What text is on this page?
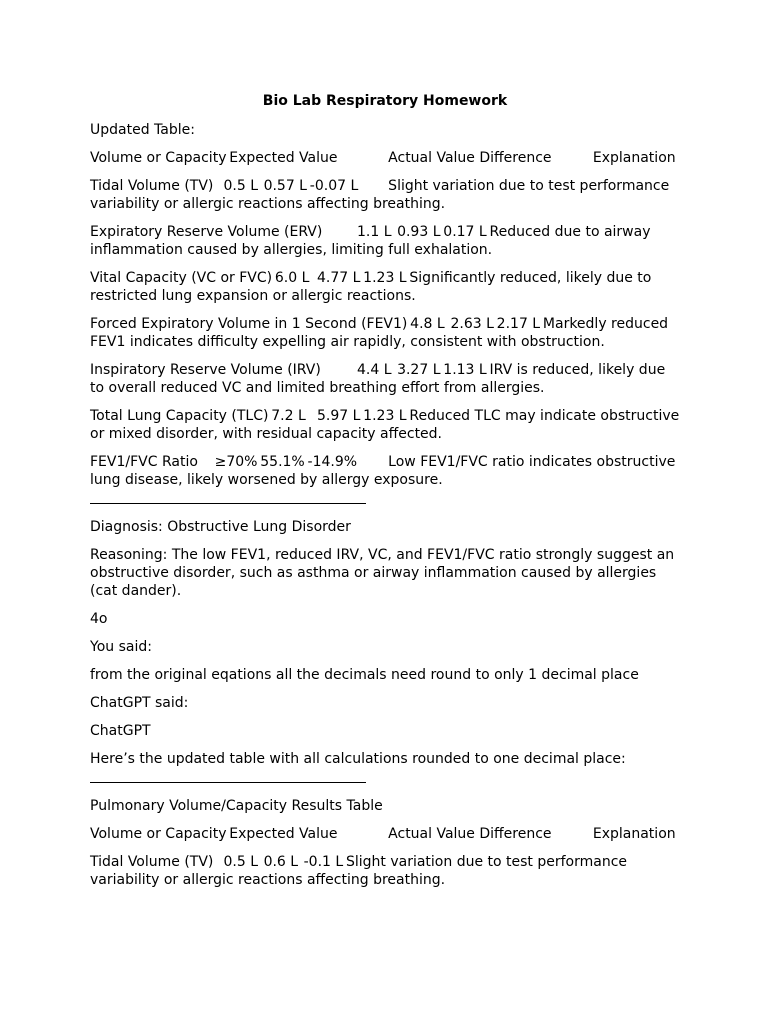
Bio Lab Respiratory Homework

Updated Table:

Volume or Capacity Expected Value	Actual Value Difference	Explanation

Tidal Volume (TV)	0.5 L	0.57 L -0.07 L	Slight variation due to test performance variability or allergic reactions affecting breathing.

Expiratory Reserve Volume (ERV)	1.1 L	0.93 L 0.17 L Reduced due to airway inflammation caused by allergies, limiting full exhalation.

Vital Capacity (VC or FVC) 6.0 L	4.77 L 1.23 L Significantly reduced, likely due to restricted lung expansion or allergic reactions.

Forced Expiratory Volume in 1 Second (FEV1) 4.8 L	2.63 L 2.17 L Markedly reduced FEV1 indicates difficulty expelling air rapidly, consistent with obstruction.

Inspiratory Reserve Volume (IRV)	4.4 L	3.27 L 1.13 L IRV is reduced, likely due to overall reduced VC and limited breathing effort from allergies.

Total Lung Capacity (TLC) 7.2 L	5.97 L 1.23 L Reduced TLC may indicate obstructive or mixed disorder, with residual capacity affected.

FEV1/FVC Ratio	≥70% 55.1% -14.9%	Low FEV1/FVC ratio indicates obstructive lung disease, likely worsened by allergy exposure.

Diagnosis: Obstructive Lung Disorder

Reasoning: The low FEV1, reduced IRV, VC, and FEV1/FVC ratio strongly suggest an obstructive disorder, such as asthma or airway inflammation caused by allergies (cat dander).

4o

You said:

from the original eqations all the decimals need round to only 1 decimal place

ChatGPT said:

ChatGPT

Here’s the updated table with all calculations rounded to one decimal place:

Pulmonary Volume/Capacity Results Table

Volume or Capacity Expected Value	Actual Value Difference	Explanation

Tidal Volume (TV)	0.5 L	0.6 L	-0.1 L Slight variation due to test performance variability or allergic reactions affecting breathing.
